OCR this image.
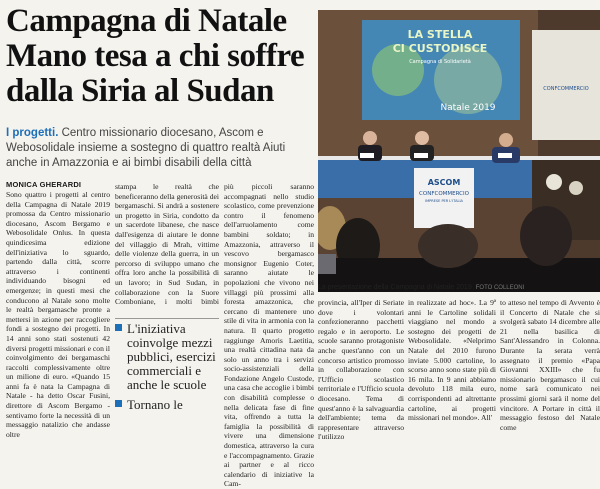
Campagna di Natale
Mano tesa a chi soffre
dalla Siria al Sudan
I progetti. Centro missionario diocesano, Ascom e Webosolidale insieme a sostegno di quattro realtà Aiuti anche in Amazzonia e ai bimbi disabili della città
LA STELLA
CI CUSTODISCE
Campagna di Solidarietà
Natale 2019
CONFCOMMERCIO
ASCOM
CONFCOMMERCIO
IMPRESE PER L'ITALIA
La presentazione della Campagna di Natale 2019 FOTO COLLEONI
MONICA GHERARDI

Sono quattro i progetti al centro della Campagna di Natale 2019 promossa da Centro missionario diocesano, Ascom Bergamo e Webosolidale Onlus. In questa quindicesima edizione dell'iniziativa lo sguardo, partendo dalla città, scorre attraverso i continenti individuando bisogni ed emergenze; in questi mesi che conducono al Natale sono molte le realtà bergamasche pronte a mettersi in azione per raccogliere fondi a sostegno dei progetti. In 14 anni sono stati sostenuti 42 diversi progetti missionari e con il coinvolgimento dei bergamaschi raccolti complessivamente oltre un milione di euro. «Quando 15 anni fa è nata la Campagna di Natale - ha detto Oscar Fusini, direttore di Ascom Bergamo - sentivamo forte la necessità di un messaggio natalizio che andasse oltre

stampa le realtà che beneficeranno della generosità dei bergamaschi. Si andrà a sostenere un progetto in Siria, condotto da un sacerdote libanese, che nasce dall'esigenza di aiutare le donne del villaggio di Mrah, vittime delle violenze della guerra, in un percorso di sviluppo umano che offra loro anche la possibilità di un lavoro; in Sud Sudan, in collaborazione con la Suore Comboniane, i molti bimbi

più piccoli saranno accompagnati nello studio scolastico, come prevenzione contro il fenomeno dell'arruolamento come bambini soldato; in Amazzonia, attraverso il vescovo bergamasco monsignor Eugenio Coter, saranno aiutate le popolazioni che vivono nei villaggi più prossimi alla foresta amazzonica, che cercano di mantenere uno stile di vita in armonia con la natura. Il quarto progetto raggiunge Amoris Laetitia, una realtà cittadina nata da solo un anno tra i servizi socio-assistenziali della Fondazione Angelo Custode, una casa che accoglie i bimbi con disabilità complesse o nella delicata fase di fine vita, offrendo a tutta la famiglia la possibilità di vivere una dimensione domestica, attraverso la cura e l'accompagnamento. Grazie ai partner e al ricco calendario di iniziative la Cam-

provincia, all'Iper di Seriate dove i volontari confezioneranno pacchetti regalo e in aeroporto. Le scuole saranno protagoniste anche quest'anno con un concorso artistico promosso in collaborazione con l'Ufficio scolastico territoriale e l'Ufficio scuola diocesano. Tema di quest'anno è la salvaguardia dell'ambiente; tema da rappresentare attraverso l'utilizzo

in realizzate ad hoc». La 9ª anni le Cartoline solidali viaggiano nel mondo a sostegno dei progetti de Webosolidale. «Nelprimo Natale del 2010 furono inviate 5.000 cartoline, lo scorso anno sono state più di 16 mila. In 9 anni abbiamo devoluto 118 mila euro, corrispondenti ad altrettante cartoline, ai progetti missionari nel mondo». All'

to atteso nel tempo di Avvento è il Concerto di Natale che si svolgerà sabato 14 dicembre alle 21 nella basilica di Sant'Alessandro in Colonna. Durante la serata verrà assegnato il premio «Papa Giovanni XXIII» che fu missionario bergamasco il cui nome sarà comunicato nei prossimi giorni sarà il nome del vincitore. A Portare in città il messaggio festoso del Natale come

L'iniziativa coinvolge mezzi pubblici, esercizi commerciali e anche le scuole
Tornano le
